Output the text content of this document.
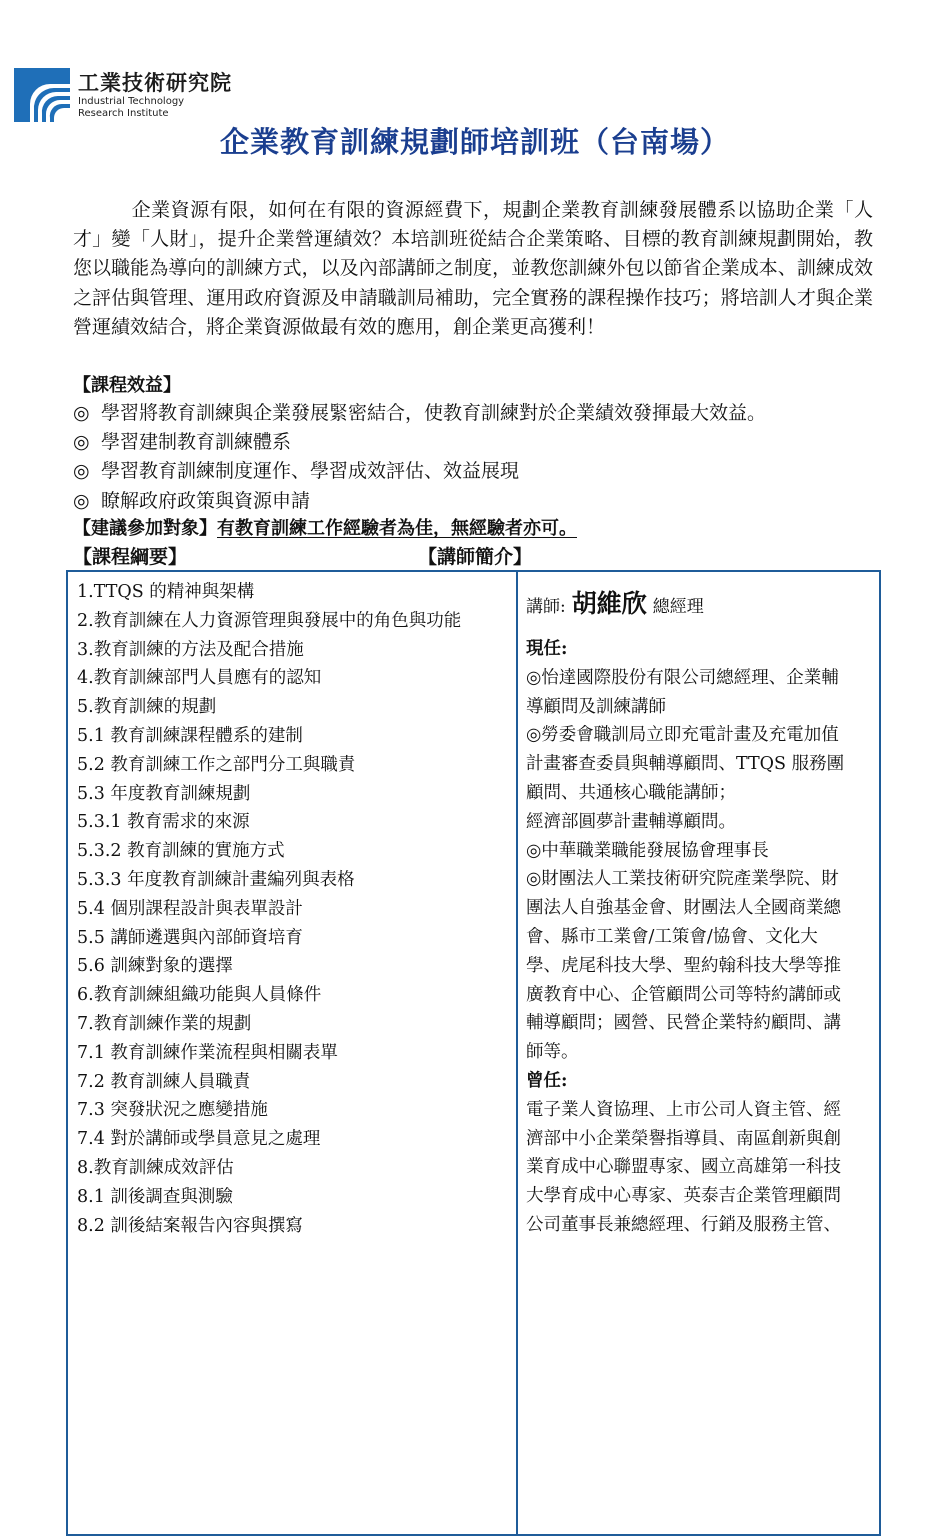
工業技術研究院
Industrial Technology
Research Institute
企業教育訓練規劃師培訓班（台南場）

　　　企業資源有限，如何在有限的資源經費下，規劃企業教育訓練發展體系以協助企業「人才」變「人財」，提升企業營運績效？本培訓班從結合企業策略、目標的教育訓練規劃開始，教您以職能為導向的訓練方式，以及內部講師之制度，並教您訓練外包以節省企業成本、訓練成效之評估與管理、運用政府資源及申請職訓局補助，完全實務的課程操作技巧；將培訓人才與企業營運績效結合，將企業資源做最有效的應用，創企業更高獲利！

【課程效益】
◎ 學習將教育訓練與企業發展緊密結合，使教育訓練對於企業績效發揮最大效益。
◎ 學習建制教育訓練體系
◎ 學習教育訓練制度運作、學習成效評估、效益展現
◎ 瞭解政府政策與資源申請
【建議參加對象】有教育訓練工作經驗者為佳，無經驗者亦可。
【課程綱要】	【講師簡介】
1.TTQS 的精神與架構
2.教育訓練在人力資源管理與發展中的角色與功能
3.教育訓練的方法及配合措施
4.教育訓練部門人員應有的認知
5.教育訓練的規劃
5.1 教育訓練課程體系的建制
5.2 教育訓練工作之部門分工與職責
5.3 年度教育訓練規劃
5.3.1 教育需求的來源
5.3.2 教育訓練的實施方式
5.3.3 年度教育訓練計畫編列與表格
5.4 個別課程設計與表單設計
5.5 講師遴選與內部師資培育
5.6 訓練對象的選擇
6.教育訓練組織功能與人員條件
7.教育訓練作業的規劃
7.1 教育訓練作業流程與相關表單
7.2 教育訓練人員職責
7.3 突發狀況之應變措施
7.4 對於講師或學員意見之處理
8.教育訓練成效評估
8.1 訓後調查與測驗
8.2 訓後結案報告內容與撰寫
講師: 胡維欣 總經理
現任:
◎怡達國際股份有限公司總經理、企業輔
導顧問及訓練講師
◎勞委會職訓局立即充電計畫及充電加值
計畫審查委員與輔導顧問、TTQS 服務團
顧問、共通核心職能講師；
經濟部圓夢計畫輔導顧問。
◎中華職業職能發展協會理事長
◎財團法人工業技術研究院產業學院、財
團法人自強基金會、財團法人全國商業總
會、縣市工業會/工策會/協會、文化大
學、虎尾科技大學、聖約翰科技大學等推
廣教育中心、企管顧問公司等特約講師或
輔導顧問；國營、民營企業特約顧問、講
師等。
曾任:
電子業人資協理、上市公司人資主管、經
濟部中小企業榮譽指導員、南區創新與創
業育成中心聯盟專家、國立高雄第一科技
大學育成中心專家、英泰吉企業管理顧問
公司董事長兼總經理、行銷及服務主管、
